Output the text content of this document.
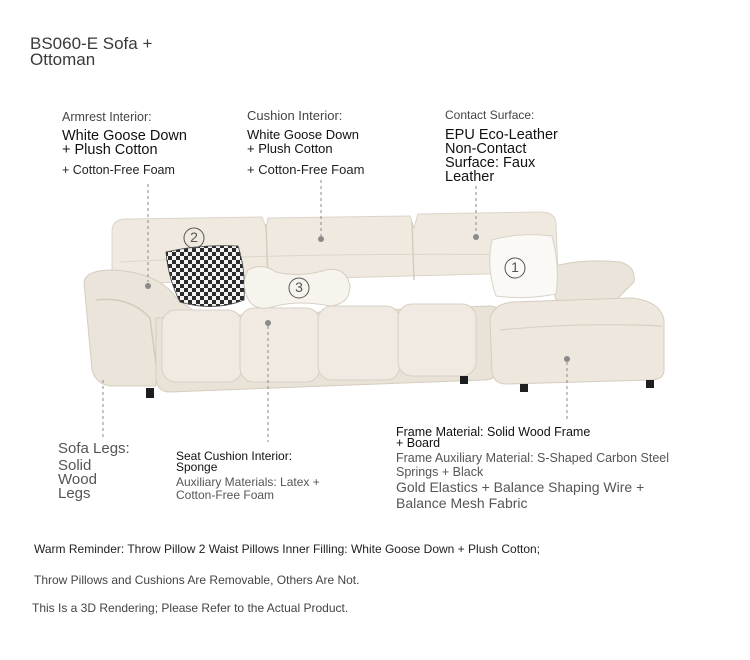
BS060-E Sofa +
Ottoman
Armrest Interior:
White Goose Down
+ Plush Cotton
+ Cotton-Free Foam
Cushion Interior:
White Goose Down
+ Plush Cotton
+ Cotton-Free Foam
Contact Surface:
EPU Eco-Leather
Non-Contact
Surface: Faux
Leather
2
3
1
Sofa Legs:
Solid
Wood
Legs
Seat Cushion Interior:
Sponge
Auxiliary Materials: Latex +
Cotton-Free Foam
Frame Material: Solid Wood Frame
+ Board
Frame Auxiliary Material: S-Shaped Carbon Steel
Springs + Black
Gold Elastics + Balance Shaping Wire +
Balance Mesh Fabric
Warm Reminder: Throw Pillow 2 Waist Pillows Inner Filling: White Goose Down + Plush Cotton;
Throw Pillows and Cushions Are Removable, Others Are Not.
This Is a 3D Rendering; Please Refer to the Actual Product.
